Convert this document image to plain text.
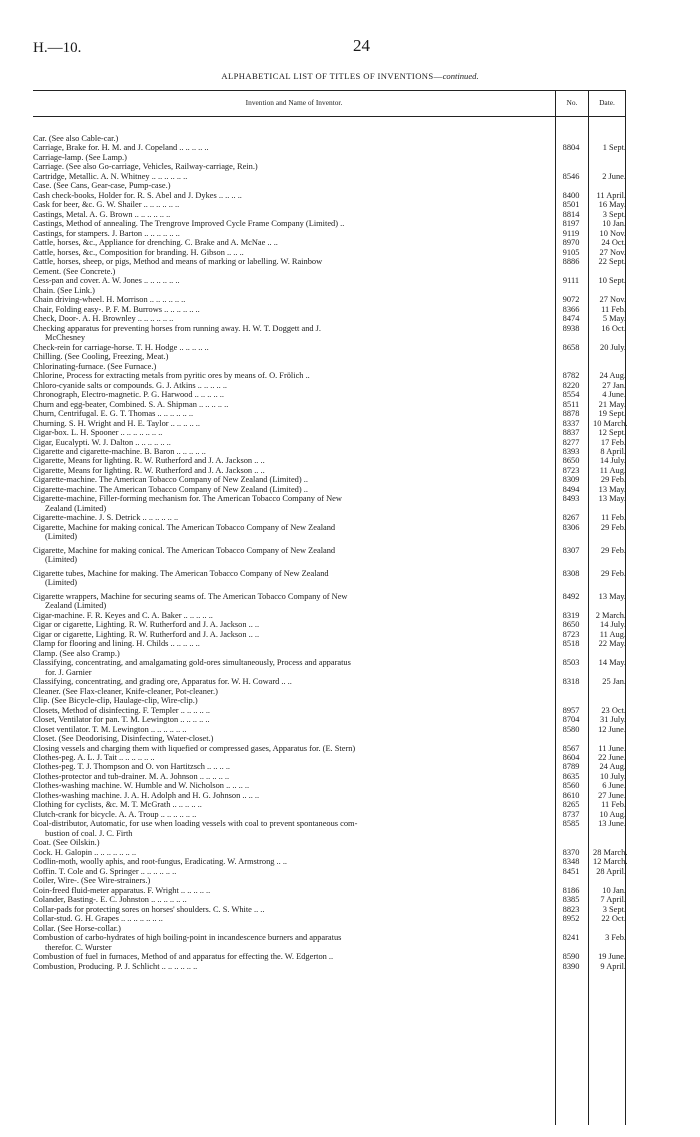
H.—10.	24
ALPHABETICAL LIST OF TITLES OF INVENTIONS—continued.
Invention and Name of Inventor.	No.	Date.
Car. (See also Cable-car.)
Carriage, Brake for. H. M. and J. Copeland .. .. .. .. ..	8804	1 Sept.
Carriage-lamp. (See Lamp.)
Carriage. (See also Go-carriage, Vehicles, Railway-carriage, Rein.)
Cartridge, Metallic. A. N. Whitney .. .. .. .. .. ..	8546	2 June.
Case. (See Cans, Gear-case, Pump-case.)
Cash check-books, Holder for. R. S. Abel and J. Dykes .. .. .. ..	8400	11 April.
Cask for beer, &c. G. W. Shailer .. .. .. .. .. ..	8501	16 May.
Castings, Metal. A. G. Brown .. .. .. .. .. ..	8814	3 Sept.
Castings, Method of annealing. The Trengrove Improved Cycle Frame Company (Limited) ..	8197	10 Jan.
Castings, for stampers. J. Barton .. .. .. .. .. ..	9119	10 Nov.
Cattle, horses, &c., Appliance for drenching. C. Brake and A. McNae .. ..	8970	24 Oct.
Cattle, horses, &c., Composition for branding. H. Gibson .. .. ..	9105	27 Nov.
Cattle, horses, sheep, or pigs, Method and means of marking or labelling. W. Rainbow	8886	22 Sept.
Cement. (See Concrete.)
Cess-pan and cover. A. W. Jones .. .. .. .. .. ..	9111	10 Sept.
Chain. (See Link.)
Chain driving-wheel. H. Morrison .. .. .. .. .. ..	9072	27 Nov.
Chair, Folding easy-. P. F. M. Burrows .. .. .. .. .. ..	8366	11 Feb.
Check, Door-. A. H. Brownley .. .. .. .. .. ..	8474	5 May.
Checking apparatus for preventing horses from running away. H. W. T. Doggett and J.	8938	16 Oct.
McChesney
Check-rein for carriage-horse. T. H. Hodge .. .. .. .. ..	8658	20 July.
Chilling. (See Cooling, Freezing, Meat.)
Chlorinating-furnace. (See Furnace.)
Chlorine, Process for extracting metals from pyritic ores by means of. O. Frölich ..	8782	24 Aug.
Chloro-cyanide salts or compounds. G. J. Atkins .. .. .. .. ..	8220	27 Jan.
Chronograph, Electro-magnetic. P. G. Harwood .. .. .. .. ..	8554	4 June.
Churn and egg-beater, Combined. S. A. Shipman .. .. .. .. ..	8511	21 May.
Churn, Centrifugal. E. G. T. Thomas .. .. .. .. .. ..	8878	19 Sept.
Churning. S. H. Wright and H. E. Taylor .. .. .. .. ..	8337	10 March.
Cigar-box. L. H. Spooner .. .. .. .. .. .. ..	8837	12 Sept.
Cigar, Eucalypti. W. J. Dalton .. .. .. .. .. ..	8277	17 Feb.
Cigarette and cigarette-machine. B. Baron .. .. .. .. ..	8393	8 April.
Cigarette, Means for lighting. R. W. Rutherford and J. A. Jackson .. ..	8650	14 July.
Cigarette, Means for lighting. R. W. Rutherford and J. A. Jackson .. ..	8723	11 Aug.
Cigarette-machine. The American Tobacco Company of New Zealand (Limited) ..	8309	29 Feb.
Cigarette-machine. The American Tobacco Company of New Zealand (Limited) ..	8494	13 May.
Cigarette-machine, Filler-forming mechanism for. The American Tobacco Company of New	8493	13 May.
Zealand (Limited)
Cigarette-machine. J. S. Detrick .. .. .. .. .. ..	8267	11 Feb.
Cigarette, Machine for making conical. The American Tobacco Company of New Zealand	8306	29 Feb.
(Limited)
Cigarette, Machine for making conical. The American Tobacco Company of New Zealand	8307	29 Feb.
(Limited)
Cigarette tubes, Machine for making. The American Tobacco Company of New Zealand	8308	29 Feb.
(Limited)
Cigarette wrappers, Machine for securing seams of. The American Tobacco Company of New	8492	13 May.
Zealand (Limited)
Cigar-machine. F. R. Keyes and C. A. Baker .. .. .. .. ..	8319	2 March.
Cigar or cigarette, Lighting. R. W. Rutherford and J. A. Jackson .. ..	8650	14 July.
Cigar or cigarette, Lighting. R. W. Rutherford and J. A. Jackson .. ..	8723	11 Aug.
Clamp for flooring and lining. H. Childs .. .. .. .. ..	8518	22 May.
Clamp. (See also Cramp.)
Classifying, concentrating, and amalgamating gold-ores simultaneously, Process and apparatus	8503	14 May.
for. J. Garnier
Classifying, concentrating, and grading ore, Apparatus for. W. H. Coward .. ..	8318	25 Jan.
Cleaner. (See Flax-cleaner, Knife-cleaner, Pot-cleaner.)
Clip. (See Bicycle-clip, Haulage-clip, Wire-clip.)
Closets, Method of disinfecting. F. Templer .. .. .. .. ..	8957	23 Oct.
Closet, Ventilator for pan. T. M. Lewington .. .. .. .. ..	8704	31 July.
Closet ventilator. T. M. Lewington .. .. .. .. .. ..	8580	12 June.
Closet. (See Deodorising, Disinfecting, Water-closet.)
Closing vessels and charging them with liquefied or compressed gases, Apparatus for. (E. Stern)	8567	11 June.
Clothes-peg. A. L. J. Tait .. .. .. .. .. ..	8604	22 June.
Clothes-peg. T. J. Thompson and O. von Hartitzsch .. .. .. ..	8789	24 Aug.
Clothes-protector and tub-drainer. M. A. Johnson .. .. .. .. ..	8635	10 July.
Clothes-washing machine. W. Humble and W. Nicholson .. .. .. ..	8560	6 June.
Clothes-washing machine. J. A. H. Adolph and H. G. Johnson .. .. ..	8610	27 June.
Clothing for cyclists, &c. M. T. McGrath .. .. .. .. ..	8265	11 Feb.
Clutch-crank for bicycle. A. A. Troup .. .. .. .. .. ..	8737	10 Aug.
Coal-distributor, Automatic, for use when loading vessels with coal to prevent spontaneous com-	8585	13 June.
bustion of coal. J. C. Firth
Coat. (See Oilskin.)
Cock. H. Galopin .. .. .. .. .. .. ..	8370	28 March.
Codlin-moth, woolly aphis, and root-fungus, Eradicating. W. Armstrong .. ..	8348	12 March.
Coffin. T. Cole and G. Springer .. .. .. .. .. ..	8451	28 April.
Coiler, Wire-. (See Wire-strainers.)
Coin-freed fluid-meter apparatus. F. Wright .. .. .. .. ..	8186	10 Jan.
Colander, Basting-. E. C. Johnston .. .. .. .. .. ..	8385	7 April.
Collar-pads for protecting sores on horses' shoulders. C. S. White .. ..	8823	3 Sept.
Collar-stud. G. H. Grapes .. .. .. .. .. .. ..	8952	22 Oct.
Collar. (See Horse-collar.)
Combustion of carbo-hydrates of high boiling-point in incandescence burners and apparatus	8241	3 Feb.
therefor. C. Wurster
Combustion of fuel in furnaces, Method of and apparatus for effecting the. W. Edgerton ..	8590	19 June.
Combustion, Producing. P. J. Schlicht .. .. .. .. .. ..	8390	9 April.
